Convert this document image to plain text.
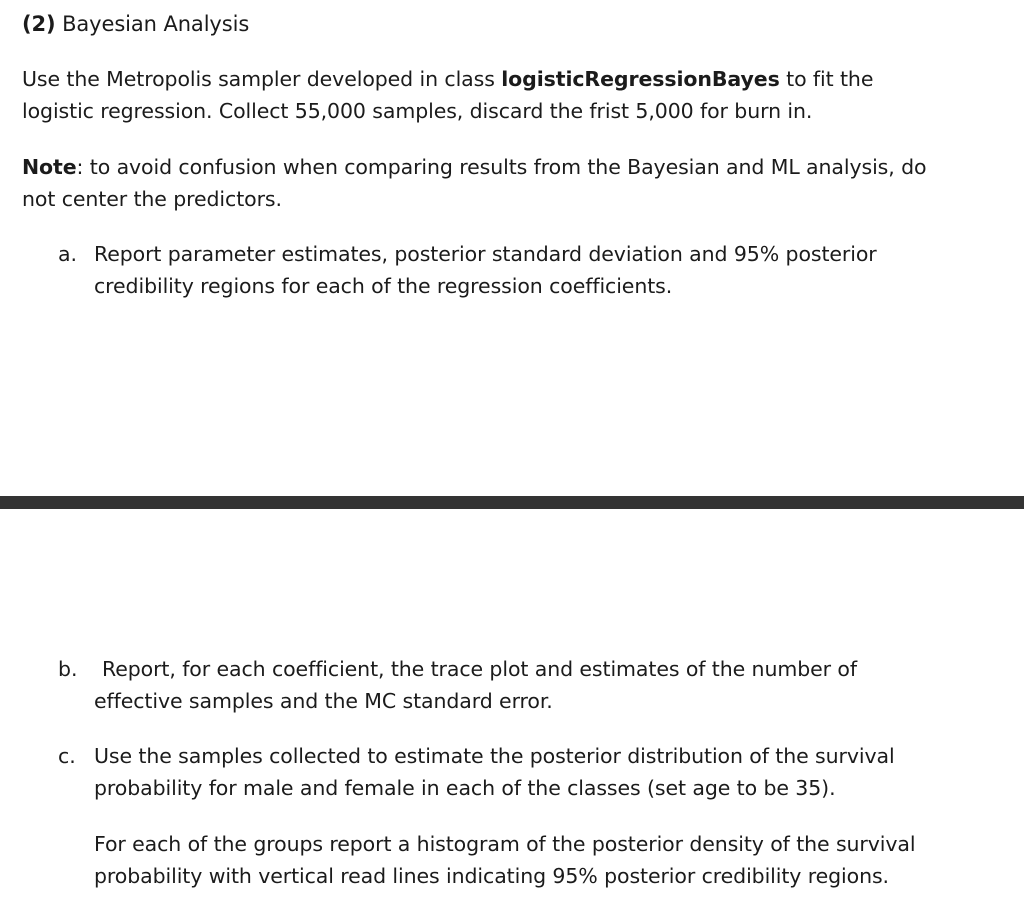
(2) Bayesian Analysis
Use the Metropolis sampler developed in class logisticRegressionBayes to fit the
logistic regression. Collect 55,000 samples, discard the frist 5,000 for burn in.
Note: to avoid confusion when comparing results from the Bayesian and ML analysis, do
not center the predictors.
a. Report parameter estimates, posterior standard deviation and 95% posterior
credibility regions for each of the regression coefficients.
b. Report, for each coefficient, the trace plot and estimates of the number of
effective samples and the MC standard error.
c. Use the samples collected to estimate the posterior distribution of the survival
probability for male and female in each of the classes (set age to be 35).
For each of the groups report a histogram of the posterior density of the survival
probability with vertical read lines indicating 95% posterior credibility regions.
